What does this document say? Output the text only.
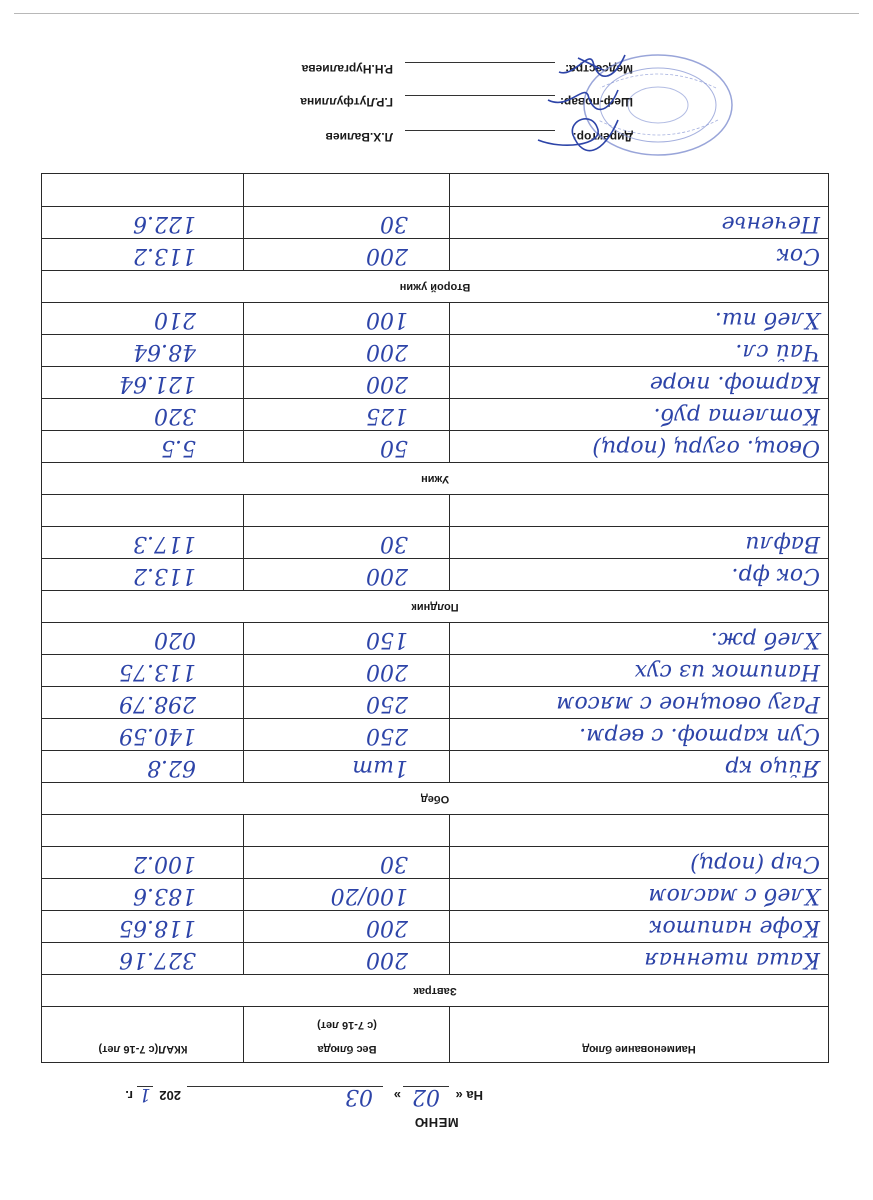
МЕНЮ
На «
02
»
03
202
1
г.
Наименование блюд
Вес блюда
(с 7-16 лет)
ККАЛ(с 7-16 лет)
Завтрак
Каша пшенная
200
327.16
Кофе напиток
200
118.65
Хлеб с маслом
100/20
183.6
Сыр (порц)
30
100.2
Обед
Яйцо кр
1шт
62.8
Суп картоф. с верм.
250
140.59
Рагу овощное с мясом
250
298.79
Напиток из сух
200
113.75
Хлеб рж.
150
020
Полдник
Сок фр.
200
113.2
Вафли
30
117.3
Ужин
Овощ. огурц (порц)
50
5.5
Котлета руб.
125
320
Картоф. пюре
200
121.64
Чай сл.
200
48.64
Хлеб пш.
100
210
Второй ужин
Сок
200
113.2
Печенье
30
122.6
Директор:
Л.Х.Валиев
Шеф-повар:
Г.Р.Лутфуллина
Медсестра:
Р.Н.Нургалиева
